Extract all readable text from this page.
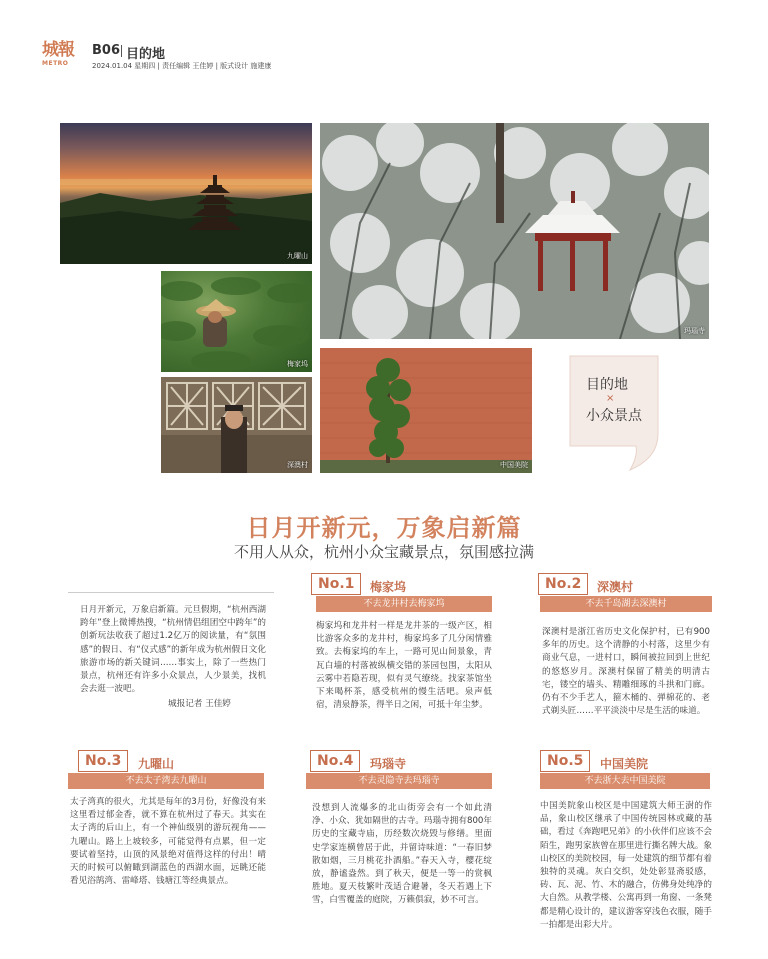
城報
METRO
B06 目的地
2024.01.04 星期四 | 责任编辑 王佳婷 | 版式设计 施建康
九曜山
梅家坞
深澳村
玛瑙寺
中国美院
目的地
×
小众景点
日月开新元，万象启新篇
不用人从众，杭州小众宝藏景点，氛围感拉满
日月开新元，万象启新篇。元旦假期，“杭州西湖跨年”登上微博热搜，“杭州情侣组团空中跨年”的创新玩法收获了超过1.2亿万的阅读量，有“氛围感”的假日、有“仪式感”的新年成为杭州假日文化旅游市场的新关键词……事实上，除了一些热门景点，杭州还有许多小众景点，人少景美，找机会去逛一波吧。
城报记者 王佳婷
不去龙井村去梅家坞
No.1	梅家坞
梅家坞和龙井村一样是龙井茶的一级产区，相比游客众多的龙井村，梅家坞多了几分闲情雅致。去梅家坞的车上，一路可见山间景象，青瓦白墙的村落被纵横交错的茶园包围，太阳从云雾中若隐若现，似有灵气缭绕。找家茶馆坐下来喝杯茶，感受杭州的慢生活吧。泉声低宿，清泉静茶，得半日之闲，可抵十年尘梦。
不去千岛湖去深澳村
No.2	深澳村
深澳村是浙江省历史文化保护村，已有900多年的历史。这个清静的小村落，这里少有商业气息，一进村口，瞬间被拉回到上世纪的悠悠岁月。深澳村保留了精美的明清古宅，镂空的墙头、精雕细琢的斗拱和门廊。仍有不少手艺人，箍木桶的、弹棉花的、老式剃头匠……平平淡淡中尽是生活的味道。
不去太子湾去九曜山
No.3	九曜山
太子湾真的很火，尤其是每年的3月份，好像没有来这里看过郁金香，就不算在杭州过了春天。其实在太子湾的后山上，有一个神仙级别的游玩视角——九曜山。路上上坡较多，可能觉得有点累，但一定要试着坚持，山顶的风景绝对值得这样的付出！晴天的时候可以俯瞰到湖蓝色的西湖水面，远眺还能看见浴鹄湾、雷峰塔、钱塘江等经典景点。
不去灵隐寺去玛瑙寺
No.4	玛瑙寺
没想到人流爆多的北山街旁会有一个如此清净、小众、犹如隔世的古寺。玛瑙寺拥有800年历史的宝藏寺庙，历经数次烧毁与修缮。里面史学家连横曾居于此，并留诗味道：“一春旧梦散如烟，三月桃花扑酒船。”春天入寺，樱花绽放，静谧盎然。到了秋天，便是一等一的赏枫胜地。夏天枝繁叶茂适合避暑，冬天若遇上下雪，白雪覆盖的庭院，万籁俱寂，妙不可言。
不去浙大去中国美院
No.5	中国美院
中国美院象山校区是中国建筑大师王澍的作品，象山校区继承了中国传统园林或藏的基础，看过《奔跑吧兄弟》的小伙伴们应该不会陌生，跑男家族曾在那里进行撕名牌大战。象山校区的美院校园，每一处建筑的细节都有着独特的灵魂。灰白交织，处处彰显斋驳感，砖、瓦、泥、竹、木的融合，仿佛身处纯净的大自然。从教学楼、公寓再到一角窗、一条凳都是精心设计的，建议游客穿浅色衣服，随手一拍都是出彩大片。
